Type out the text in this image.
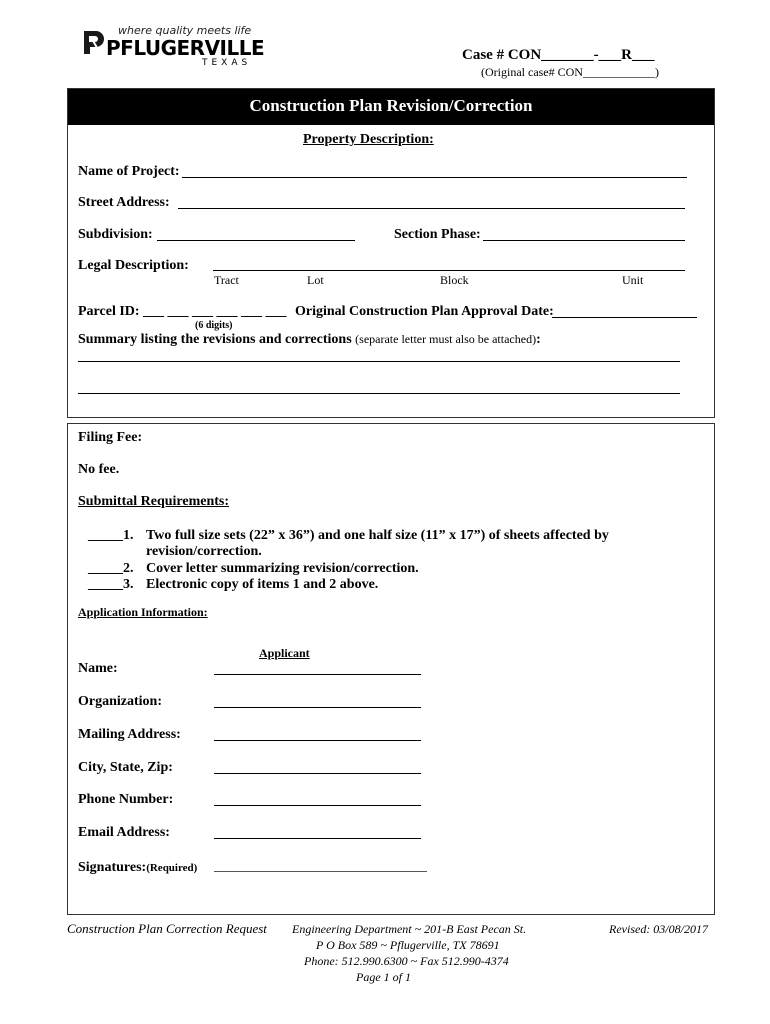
where quality meets life
PFLUGERVILLE
TEXAS	Case # CON_______-___R___
(Original case# CON____________)
Construction Plan Revision/Correction
Property Description:
Name of Project:
Street Address:
Subdivision:	Section Phase:
Legal Description:
Tract	Lot	Block	Unit
Parcel ID: ___ ___ ___ ___ ___ ___
(6 digits)
Original Construction Plan Approval Date:
Summary listing the revisions and corrections (separate letter must also be attached):
Filing Fee:
No fee.
Submittal Requirements:
_____1. Two full size sets (22” x 36”) and one half size (11” x 17”) of sheets affected by
revision/correction.
_____2. Cover letter summarizing revision/correction.
_____3. Electronic copy of items 1 and 2 above.
Application Information:
Applicant
Name:
Organization:
Mailing Address:
City, State, Zip:
Phone Number:
Email Address:
Signatures:(Required)
Construction Plan Correction Request Engineering Department ~ 201-B East Pecan St.	Revised: 03/08/2017
P O Box 589 ~ Pflugerville, TX 78691
Phone: 512.990.6300 ~ Fax 512.990-4374
Page 1 of 1
